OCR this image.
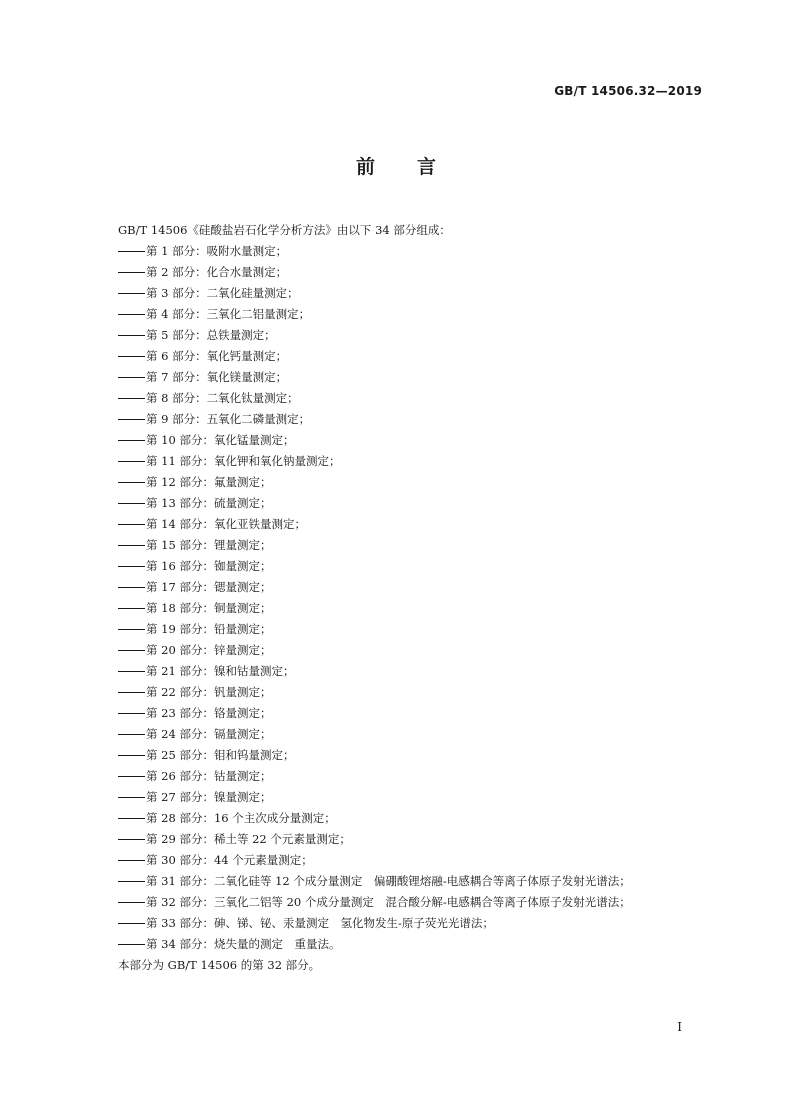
GB/T 14506.32—2019
前 言
GB/T 14506《硅酸盐岩石化学分析方法》由以下 34 部分组成：
第 1 部分：吸附水量测定；
第 2 部分：化合水量测定；
第 3 部分：二氧化硅量测定；
第 4 部分：三氧化二铝量测定；
第 5 部分：总铁量测定；
第 6 部分：氧化钙量测定；
第 7 部分：氧化镁量测定；
第 8 部分：二氧化钛量测定；
第 9 部分：五氧化二磷量测定；
第 10 部分：氧化锰量测定；
第 11 部分：氧化钾和氧化钠量测定；
第 12 部分：氟量测定；
第 13 部分：硫量测定；
第 14 部分：氧化亚铁量测定；
第 15 部分：锂量测定；
第 16 部分：铷量测定；
第 17 部分：锶量测定；
第 18 部分：铜量测定；
第 19 部分：铅量测定；
第 20 部分：锌量测定；
第 21 部分：镍和钴量测定；
第 22 部分：钒量测定；
第 23 部分：铬量测定；
第 24 部分：镉量测定；
第 25 部分：钼和钨量测定；
第 26 部分：钴量测定；
第 27 部分：镍量测定；
第 28 部分：16 个主次成分量测定；
第 29 部分：稀土等 22 个元素量测定；
第 30 部分：44 个元素量测定；
第 31 部分：二氧化硅等 12 个成分量测定　偏硼酸锂熔融-电感耦合等离子体原子发射光谱法；
第 32 部分：三氧化二铝等 20 个成分量测定　混合酸分解-电感耦合等离子体原子发射光谱法；
第 33 部分：砷、锑、铋、汞量测定　氢化物发生-原子荧光光谱法；
第 34 部分：烧失量的测定　重量法。
本部分为 GB/T 14506 的第 32 部分。
I
